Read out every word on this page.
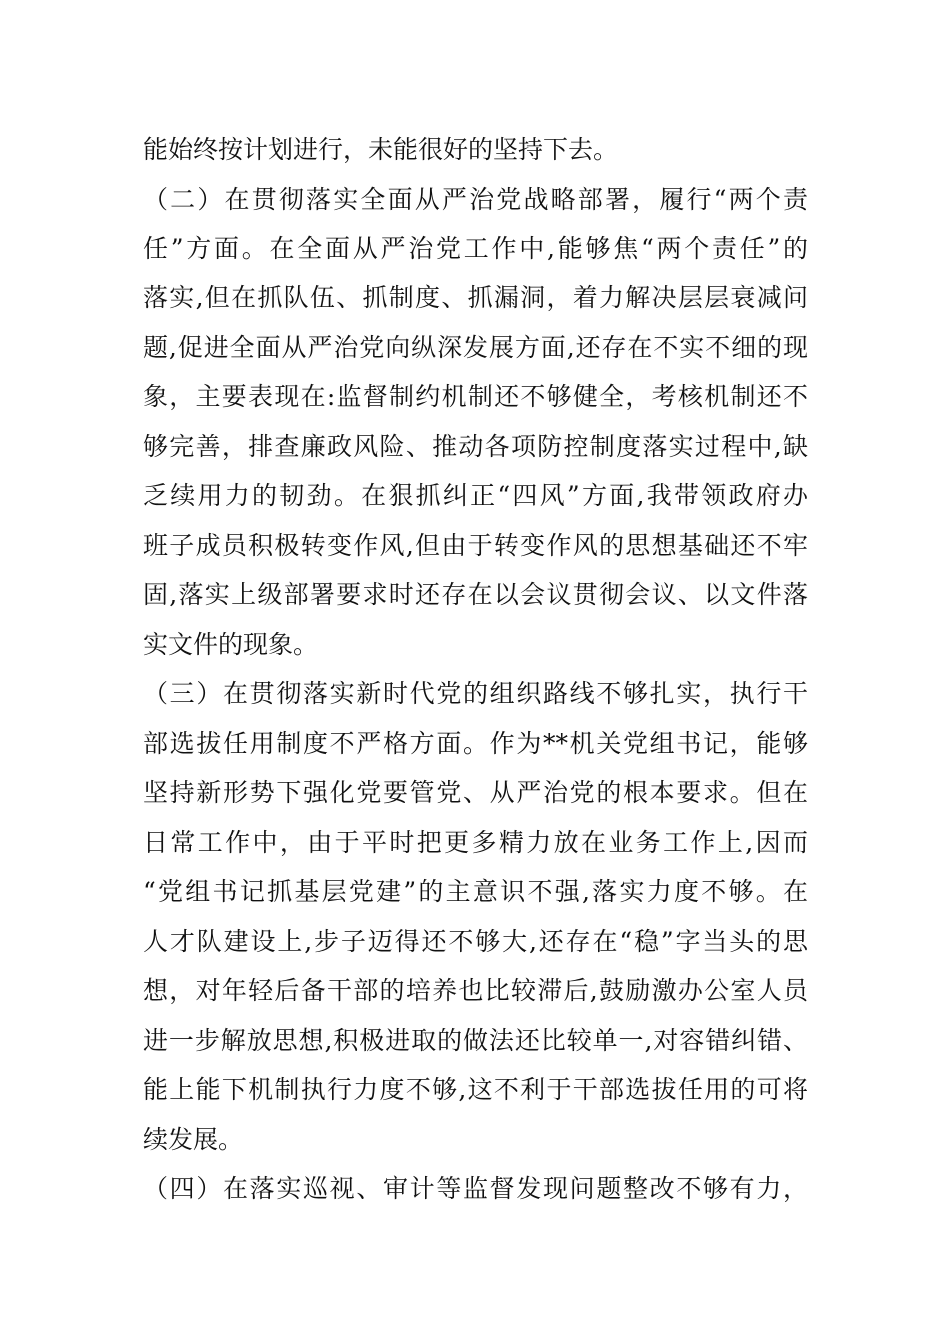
能始终按计划进行，未能很好的坚持下去。
（二）在贯彻落实全面从严治党战略部署，履行“两个责
任”方面。在全面从严治党工作中,能够焦“两个责任”的
落实,但在抓队伍、抓制度、抓漏洞，着力解决层层衰减问
题,促进全面从严治党向纵深发展方面,还存在不实不细的现
象，主要表现在:监督制约机制还不够健全，考核机制还不
够完善，排查廉政风险、推动各项防控制度落实过程中,缺
乏续用力的韧劲。在狠抓纠正“四风”方面,我带领政府办
班子成员积极转变作风,但由于转变作风的思想基础还不牢
固,落实上级部署要求时还存在以会议贯彻会议、以文件落
实文件的现象。
（三）在贯彻落实新时代党的组织路线不够扎实，执行干
部选拔任用制度不严格方面。作为**机关党组书记，能够
坚持新形势下强化党要管党、从严治党的根本要求。但在
日常工作中，由于平时把更多精力放在业务工作上,因而
“党组书记抓基层党建”的主意识不强,落实力度不够。在
人才队建设上,步子迈得还不够大,还存在“稳”字当头的思
想，对年轻后备干部的培养也比较滞后,鼓励激办公室人员
进一步解放思想,积极进取的做法还比较单一,对容错纠错、
能上能下机制执行力度不够,这不利于干部选拔任用的可将
续发展。
（四）在落实巡视、审计等监督发现问题整改不够有力，
